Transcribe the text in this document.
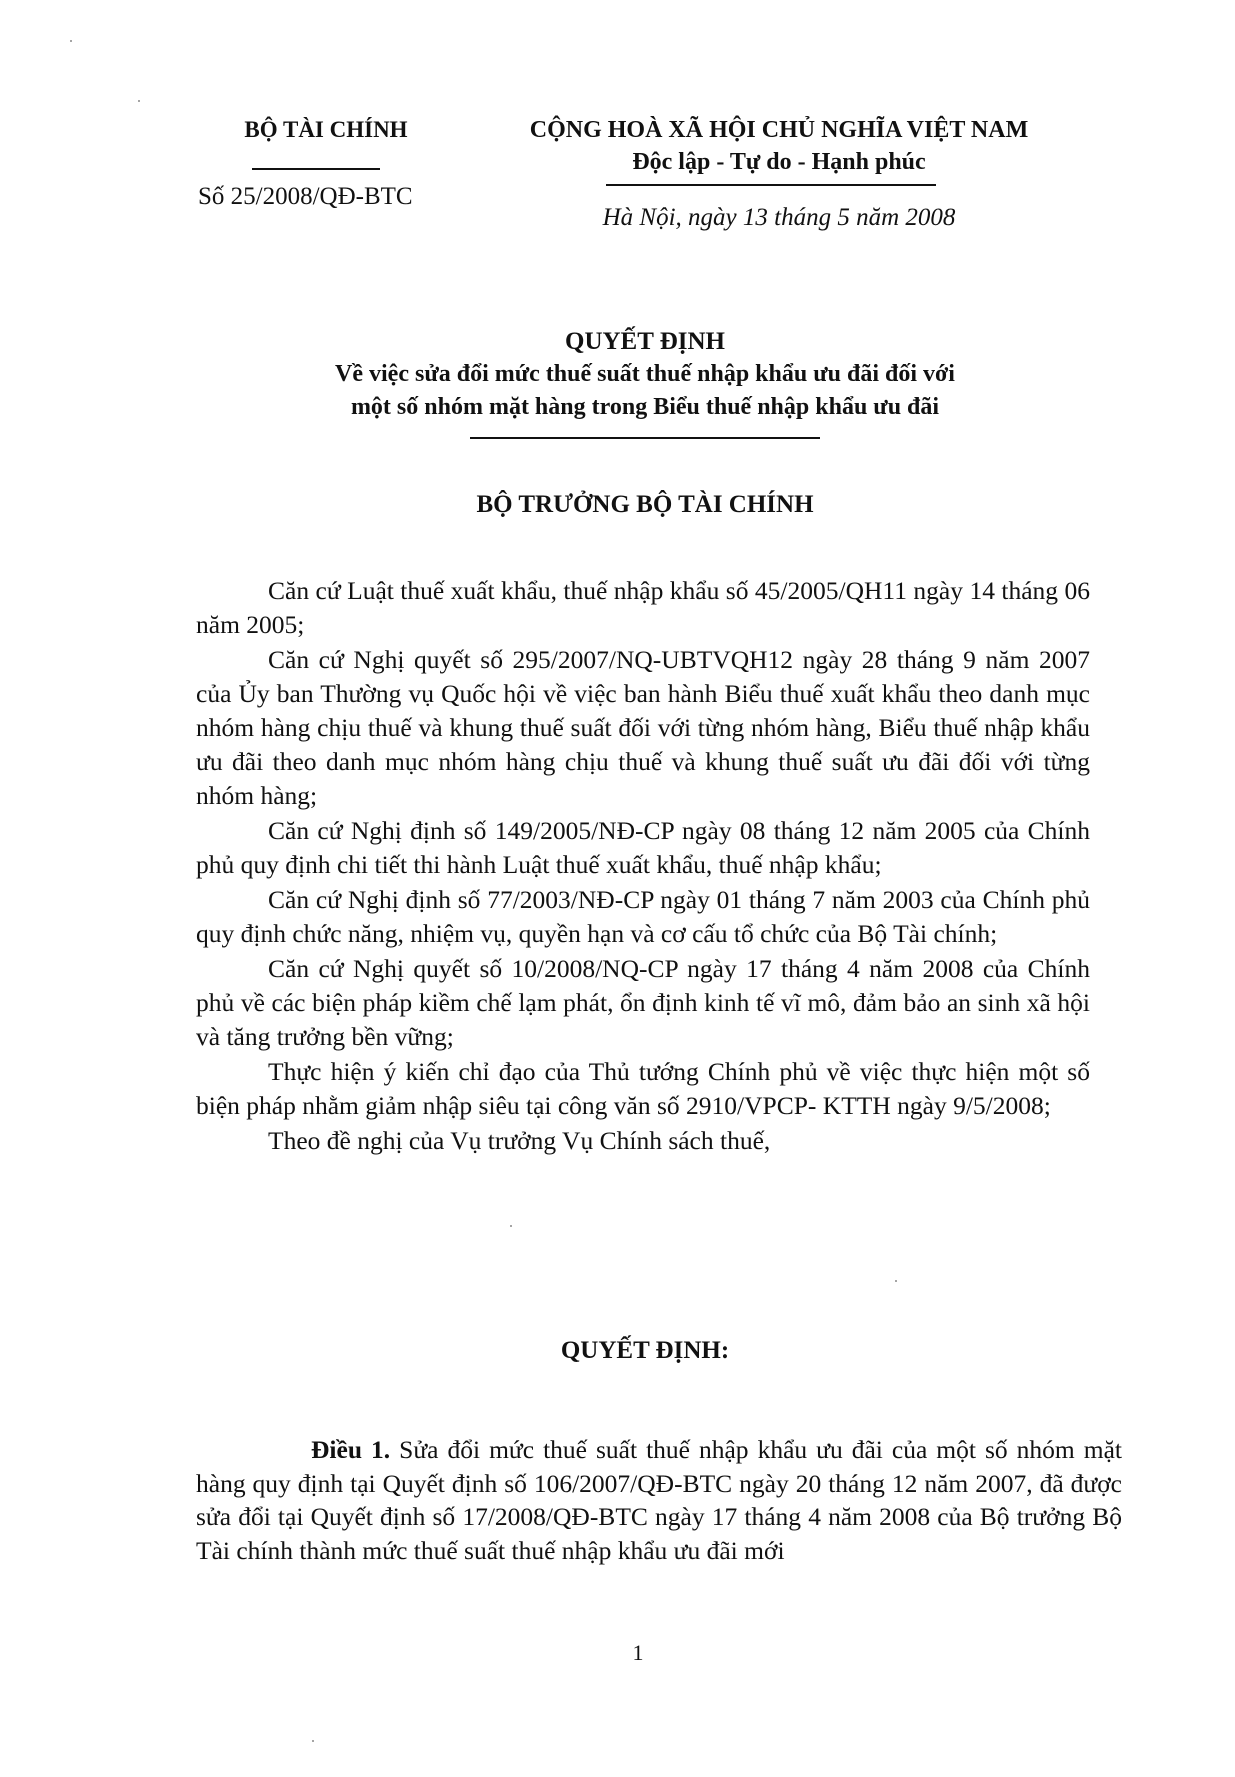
BỘ TÀI CHÍNH

Số 25/2008/QĐ-BTC

CỘNG HOÀ XÃ HỘI CHỦ NGHĨA VIỆT NAM

Độc lập - Tự do - Hạnh phúc

Hà Nội, ngày 13 tháng 5 năm 2008

QUYẾT ĐỊNH

Về việc sửa đổi mức thuế suất thuế nhập khẩu ưu đãi đối với

một số nhóm mặt hàng trong Biểu thuế nhập khẩu ưu đãi

BỘ TRƯỞNG BỘ TÀI CHÍNH

Căn cứ Luật thuế xuất khẩu, thuế nhập khẩu số 45/2005/QH11 ngày 14 tháng 06 năm 2005;

Căn cứ Nghị quyết số 295/2007/NQ-UBTVQH12 ngày 28 tháng 9 năm 2007 của Ủy ban Thường vụ Quốc hội về việc ban hành Biểu thuế xuất khẩu theo danh mục nhóm hàng chịu thuế và khung thuế suất đối với từng nhóm hàng, Biểu thuế nhập khẩu ưu đãi theo danh mục nhóm hàng chịu thuế và khung thuế suất ưu đãi đối với từng nhóm hàng;

Căn cứ Nghị định số 149/2005/NĐ-CP ngày 08 tháng 12 năm 2005 của Chính phủ quy định chi tiết thi hành Luật thuế xuất khẩu, thuế nhập khẩu;

Căn cứ Nghị định số 77/2003/NĐ-CP ngày 01 tháng 7 năm 2003 của Chính phủ quy định chức năng, nhiệm vụ, quyền hạn và cơ cấu tổ chức của Bộ Tài chính;

Căn cứ Nghị quyết số 10/2008/NQ-CP ngày 17 tháng 4 năm 2008 của Chính phủ về các biện pháp kiềm chế lạm phát, ổn định kinh tế vĩ mô, đảm bảo an sinh xã hội và tăng trưởng bền vững;

Thực hiện ý kiến chỉ đạo của Thủ tướng Chính phủ về việc thực hiện một số biện pháp nhằm giảm nhập siêu tại công văn số 2910/VPCP- KTTH ngày 9/5/2008;

Theo đề nghị của Vụ trưởng Vụ Chính sách thuế,

QUYẾT ĐỊNH:

Điều 1. Sửa đổi mức thuế suất thuế nhập khẩu ưu đãi của một số nhóm mặt hàng quy định tại Quyết định số 106/2007/QĐ-BTC ngày 20 tháng 12 năm 2007, đã được sửa đổi tại Quyết định số 17/2008/QĐ-BTC ngày 17 tháng 4 năm 2008 của Bộ trưởng Bộ Tài chính thành mức thuế suất thuế nhập khẩu ưu đãi mới

1
